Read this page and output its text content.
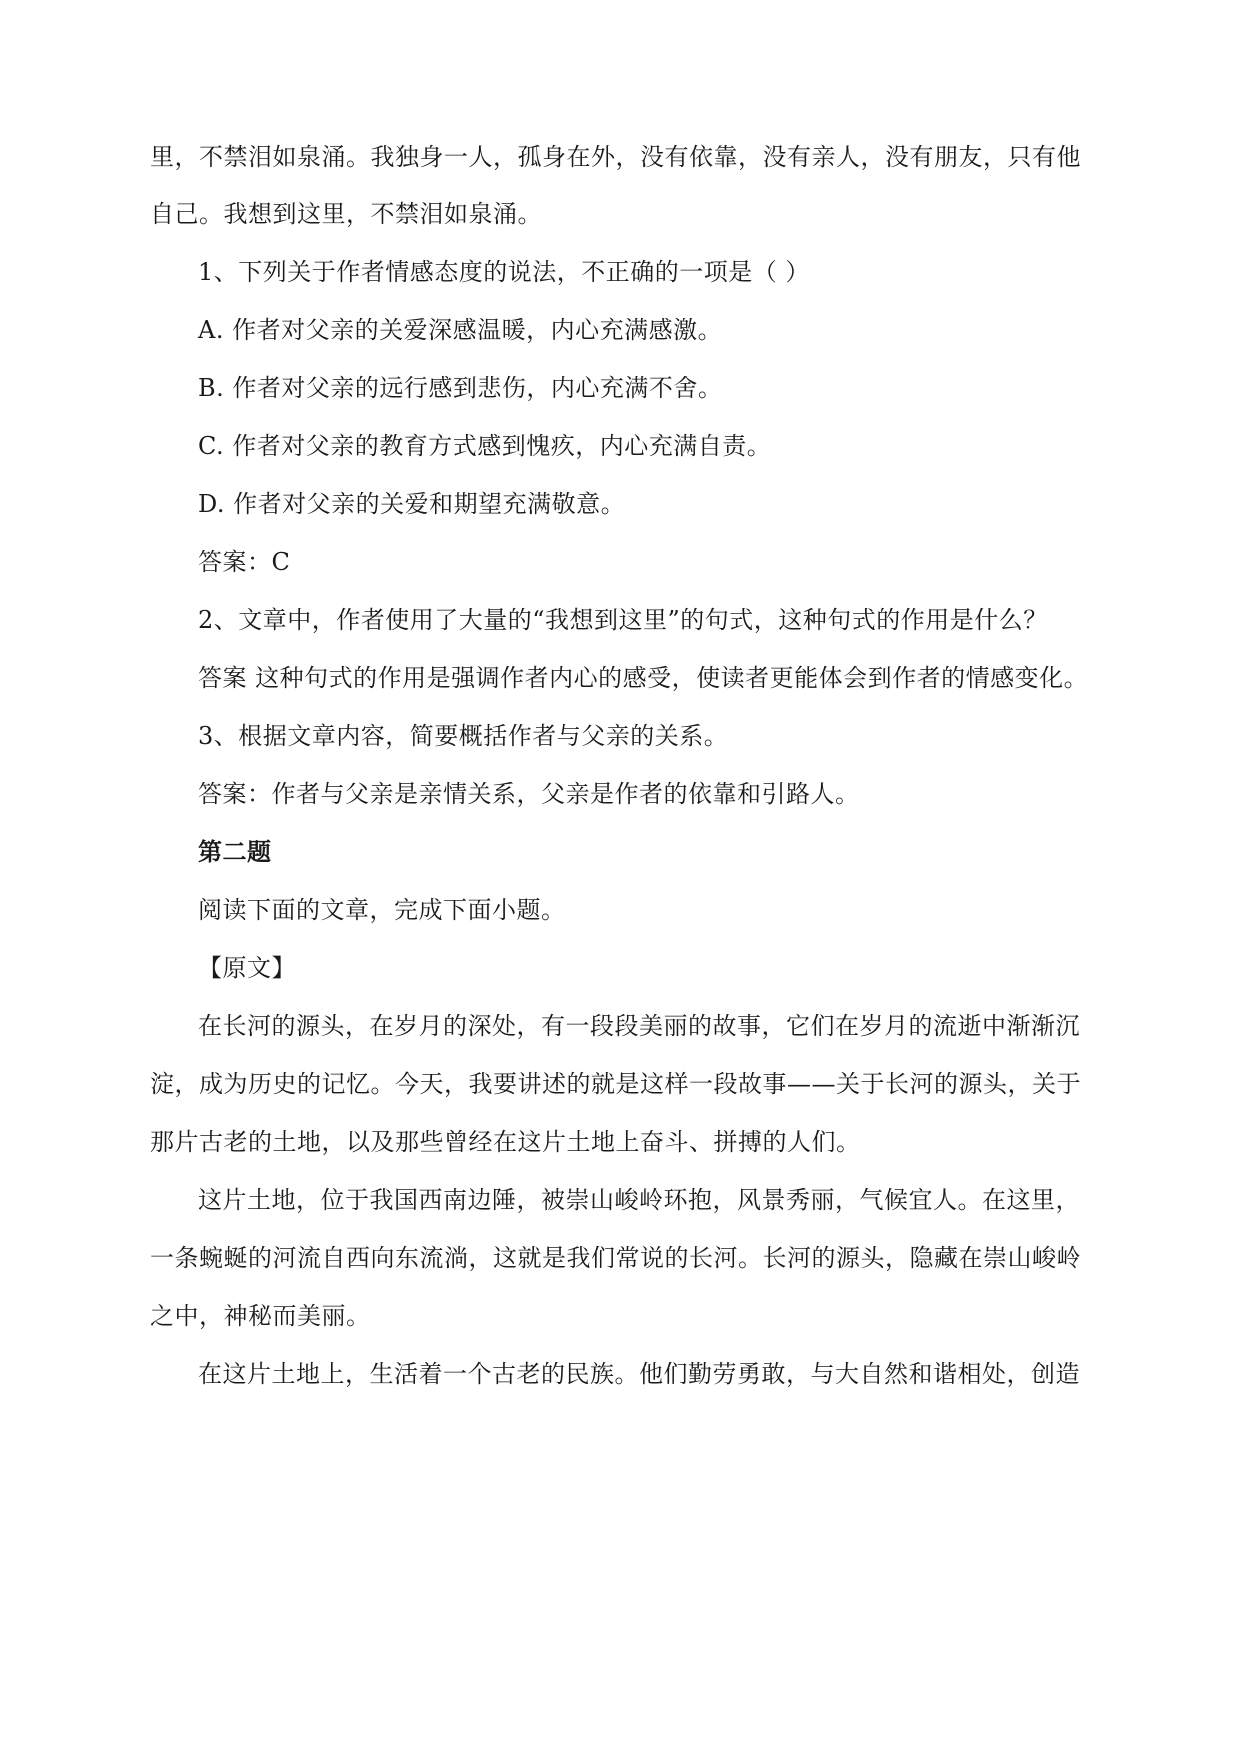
里，不禁泪如泉涌。我独身一人，孤身在外，没有依靠，没有亲人，没有朋友，只有他
自己。我想到这里，不禁泪如泉涌。
1、下列关于作者情感态度的说法，不正确的一项是（ ）
A. 作者对父亲的关爱深感温暖，内心充满感激。
B. 作者对父亲的远行感到悲伤，内心充满不舍。
C. 作者对父亲的教育方式感到愧疚，内心充满自责。
D. 作者对父亲的关爱和期望充满敬意。
答案：C
2、文章中，作者使用了大量的“我想到这里”的句式，这种句式的作用是什么？
答案 这种句式的作用是强调作者内心的感受，使读者更能体会到作者的情感变化。
3、根据文章内容，简要概括作者与父亲的关系。
答案：作者与父亲是亲情关系，父亲是作者的依靠和引路人。
第二题
阅读下面的文章，完成下面小题。
【原文】
在长河的源头，在岁月的深处，有一段段美丽的故事，它们在岁月的流逝中渐渐沉
淀，成为历史的记忆。今天，我要讲述的就是这样一段故事——关于长河的源头，关于
那片古老的土地，以及那些曾经在这片土地上奋斗、拼搏的人们。
这片土地，位于我国西南边陲，被崇山峻岭环抱，风景秀丽，气候宜人。在这里，
一条蜿蜒的河流自西向东流淌，这就是我们常说的长河。长河的源头，隐藏在崇山峻岭
之中，神秘而美丽。
在这片土地上，生活着一个古老的民族。他们勤劳勇敢，与大自然和谐相处，创造
